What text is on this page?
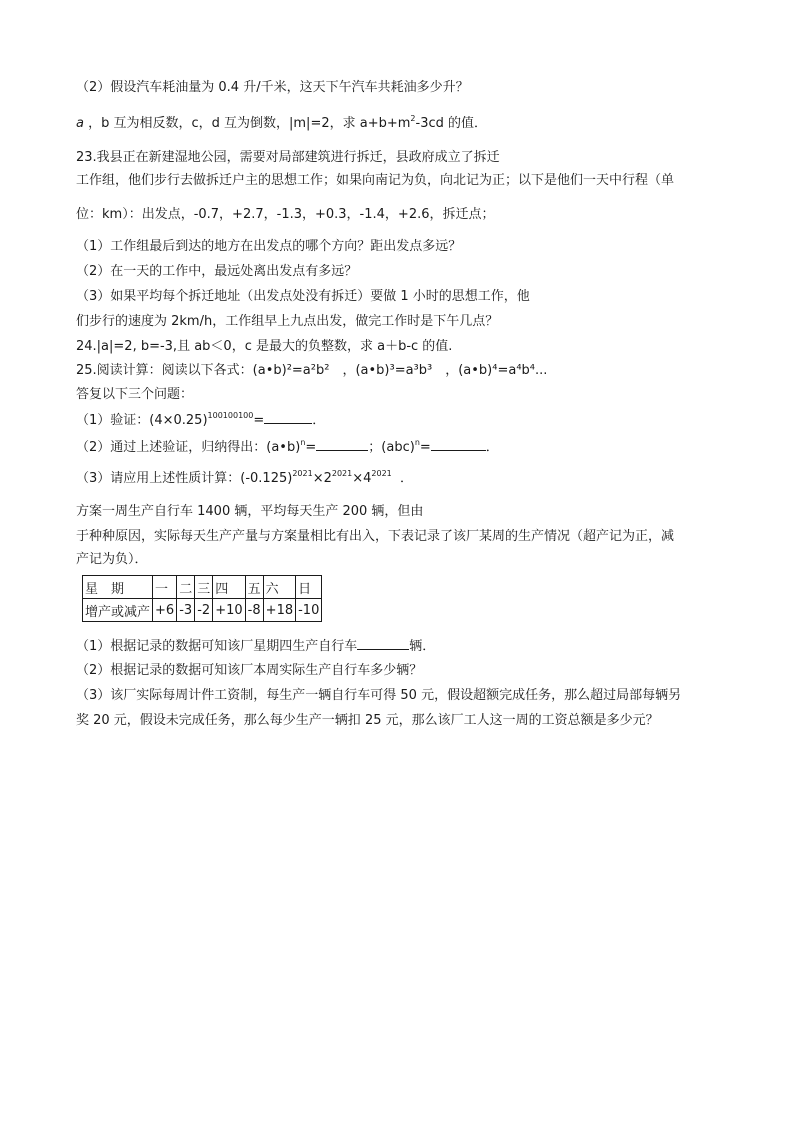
（2）假设汽车耗油量为 0.4 升/千米，这天下午汽车共耗油多少升？
a ，b 互为相反数，c，d 互为倒数，|m|=2，求 $a+b+m^2-3cd$ 的值．
23.我县正在新建湿地公园，需要对局部建筑进行拆迁，县政府成立了拆迁
工作组，他们步行去做拆迁户主的思想工作；如果向南记为负，向北记为正；以下是他们一天中行程（单
位：km）：出发点，-0.7，+2.7，-1.3，+0.3，-1.4，+2.6，拆迁点；
（1）工作组最后到达的地方在出发点的哪个方向？距出发点多远？
（2）在一天的工作中，最远处离出发点有多远？
（3）如果平均每个拆迁地址（出发点处没有拆迁）要做 1 小时的思想工作，他
们步行的速度为 2km/h，工作组早上九点出发，做完工作时是下午几点？
24.|a|=2, b=-3,且 ab＜0，c 是最大的负整数，求 a＋b-c 的值.
25.阅读计算：阅读以下各式：(a•b)²=a²b²　，(a•b)³=a³b³　，(a•b)⁴=a⁴b⁴...
答复以下三个问题：
（1）验证：$(4\times 0.25)^{100100100}=$	．
（2）通过上述验证，归纳得出：(a•b)$^n$=	；(abc)$^n$=	．
（3）请应用上述性质计算：$(-0.125)^{2021}\times 2^{2021}\times 4^{2021}$ ．
方案一周生产自行车 1400 辆，平均每天生产 200 辆，但由
于种种原因，实际每天生产产量与方案量相比有出入，下表记录了该厂某周的生产情况（超产记为正，减
产记为负）．
星　期	一	二	三	四	五	六	日
增产或减产	+6	-3	-2	+10	-8	+18	-10
（1）根据记录的数据可知该厂星期四生产自行车	辆．
（2）根据记录的数据可知该厂本周实际生产自行车多少辆？
（3）该厂实际每周计件工资制，每生产一辆自行车可得 50 元，假设超额完成任务，那么超过局部每辆另
奖 20 元，假设未完成任务，那么每少生产一辆扣 25 元，那么该厂工人这一周的工资总额是多少元？
